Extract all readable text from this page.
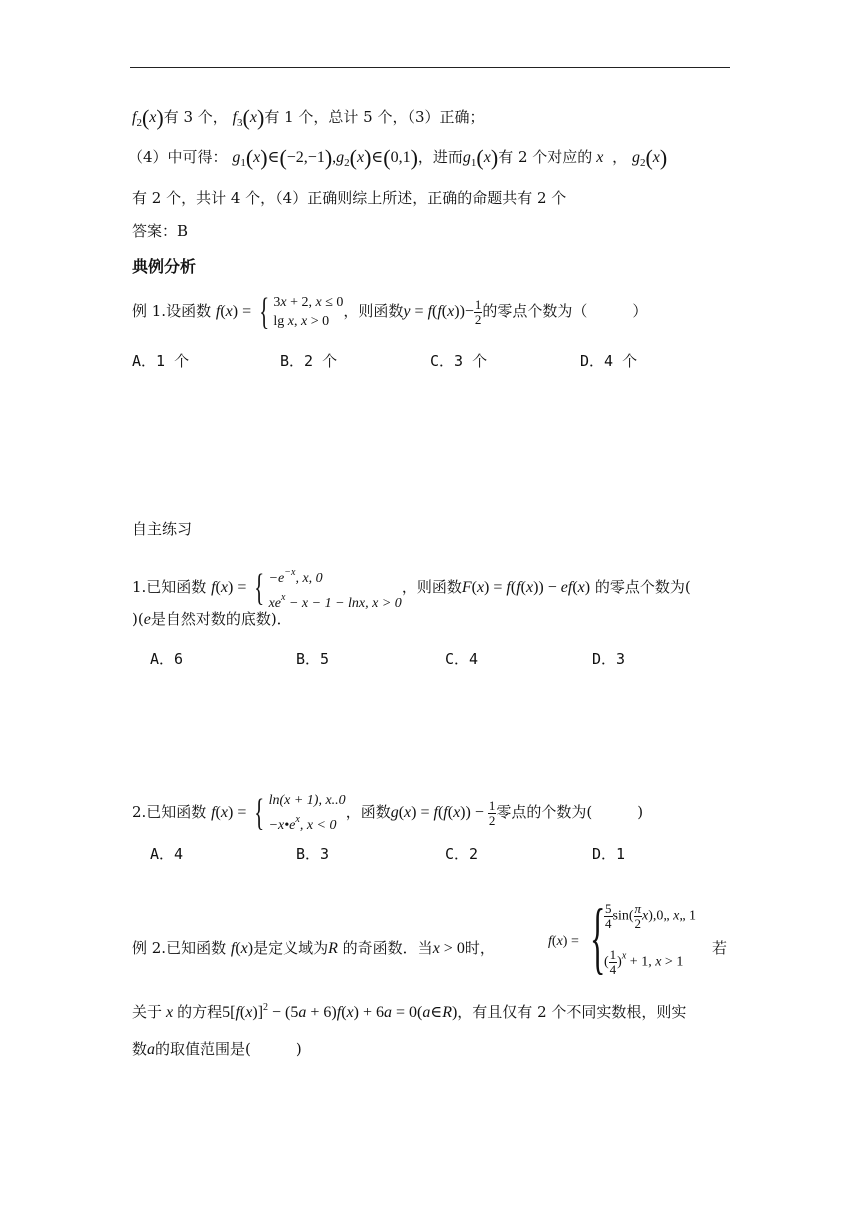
$f_2(x)$有 3 个， $f_3(x)$有 1 个，总计 5 个，（3）正确；
（4）中可得： $g_1(x)\in(-2,-1),g_2(x)\in(0,1)$，进而$g_1(x)$有 2 个对应的 x  ， $g_2(x)$
有 2 个，共计 4 个，（4）正确则综上所述，正确的命题共有 2 个
答案：B
典例分析
例 1.设函数 f(x) = { 3x + 2, x ≤ 0
lg x, x > 0
，则函数$y = f(f(x))- \frac{1}{2}$ 的零点个数为（　　　）
A．1 个	B．2 个	C．3 个	D．4 个
自主练习
1.已知函数 f(x) = { $-e^{-x}$, x, 0
$xe^x - x - 1 - \ln x$, x > 0
，则函数F(x) = f(f(x)) − ef(x) 的零点个数为(
)(e是自然对数的底数)．
A．6	B．5	C．4	D．3
2.已知函数 f(x) = { ln(x + 1), x..0
$-x•e^x$, x < 0
，函数$g(x) = f(f(x)) - \frac{1}{2}$ 零点的个数为(　　　)
A．4	B．3	C．2	D．1
例 2.已知函数 f(x)是定义域为R 的奇函数．当x > 0时，	f(x) = {
$\frac{5}{4} \sin( \frac{\pi}{2}$ x),0„ x„ 1
( $\frac{1}{4} )^x + 1$, x > 1
若
关于 x 的方程$5[f(x)]^2 - (5a + 6)f(x) + 6a$ = 0(a∈R)，有且仅有 2 个不同实数根，则实
数a的取值范围是(　　　)
